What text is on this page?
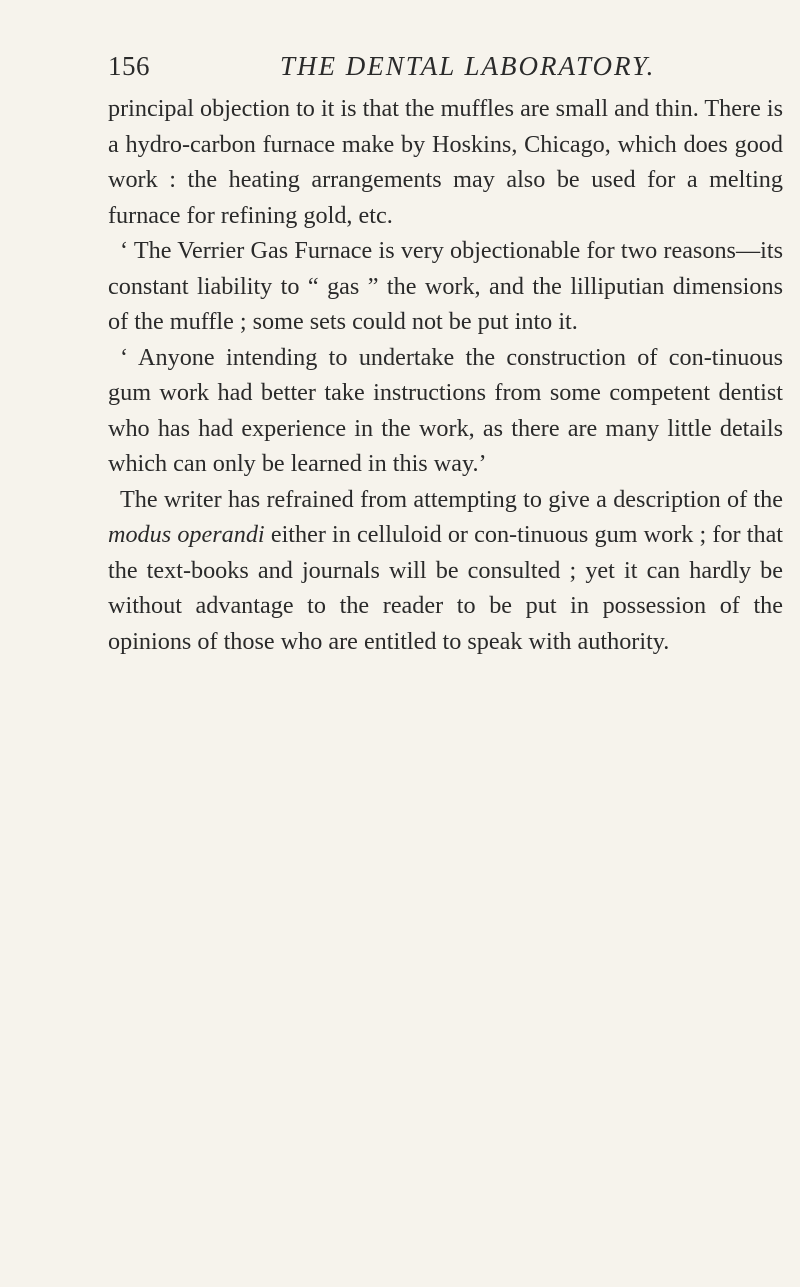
156	THE DENTAL LABORATORY.

principal objection to it is that the muffles are small and thin. There is a hydro-carbon furnace make by Hoskins, Chicago, which does good work : the heating arrangements may also be used for a melting furnace for refining gold, etc.

‘ The Verrier Gas Furnace is very objectionable for two reasons—its constant liability to “ gas ” the work, and the lilliputian dimensions of the muffle ; some sets could not be put into it.

‘ Anyone intending to undertake the construction of con-tinuous gum work had better take instructions from some competent dentist who has had experience in the work, as there are many little details which can only be learned in this way.’

The writer has refrained from attempting to give a description of the modus operandi either in celluloid or con-tinuous gum work ; for that the text-books and journals will be consulted ; yet it can hardly be without advantage to the reader to be put in possession of the opinions of those who are entitled to speak with authority.
